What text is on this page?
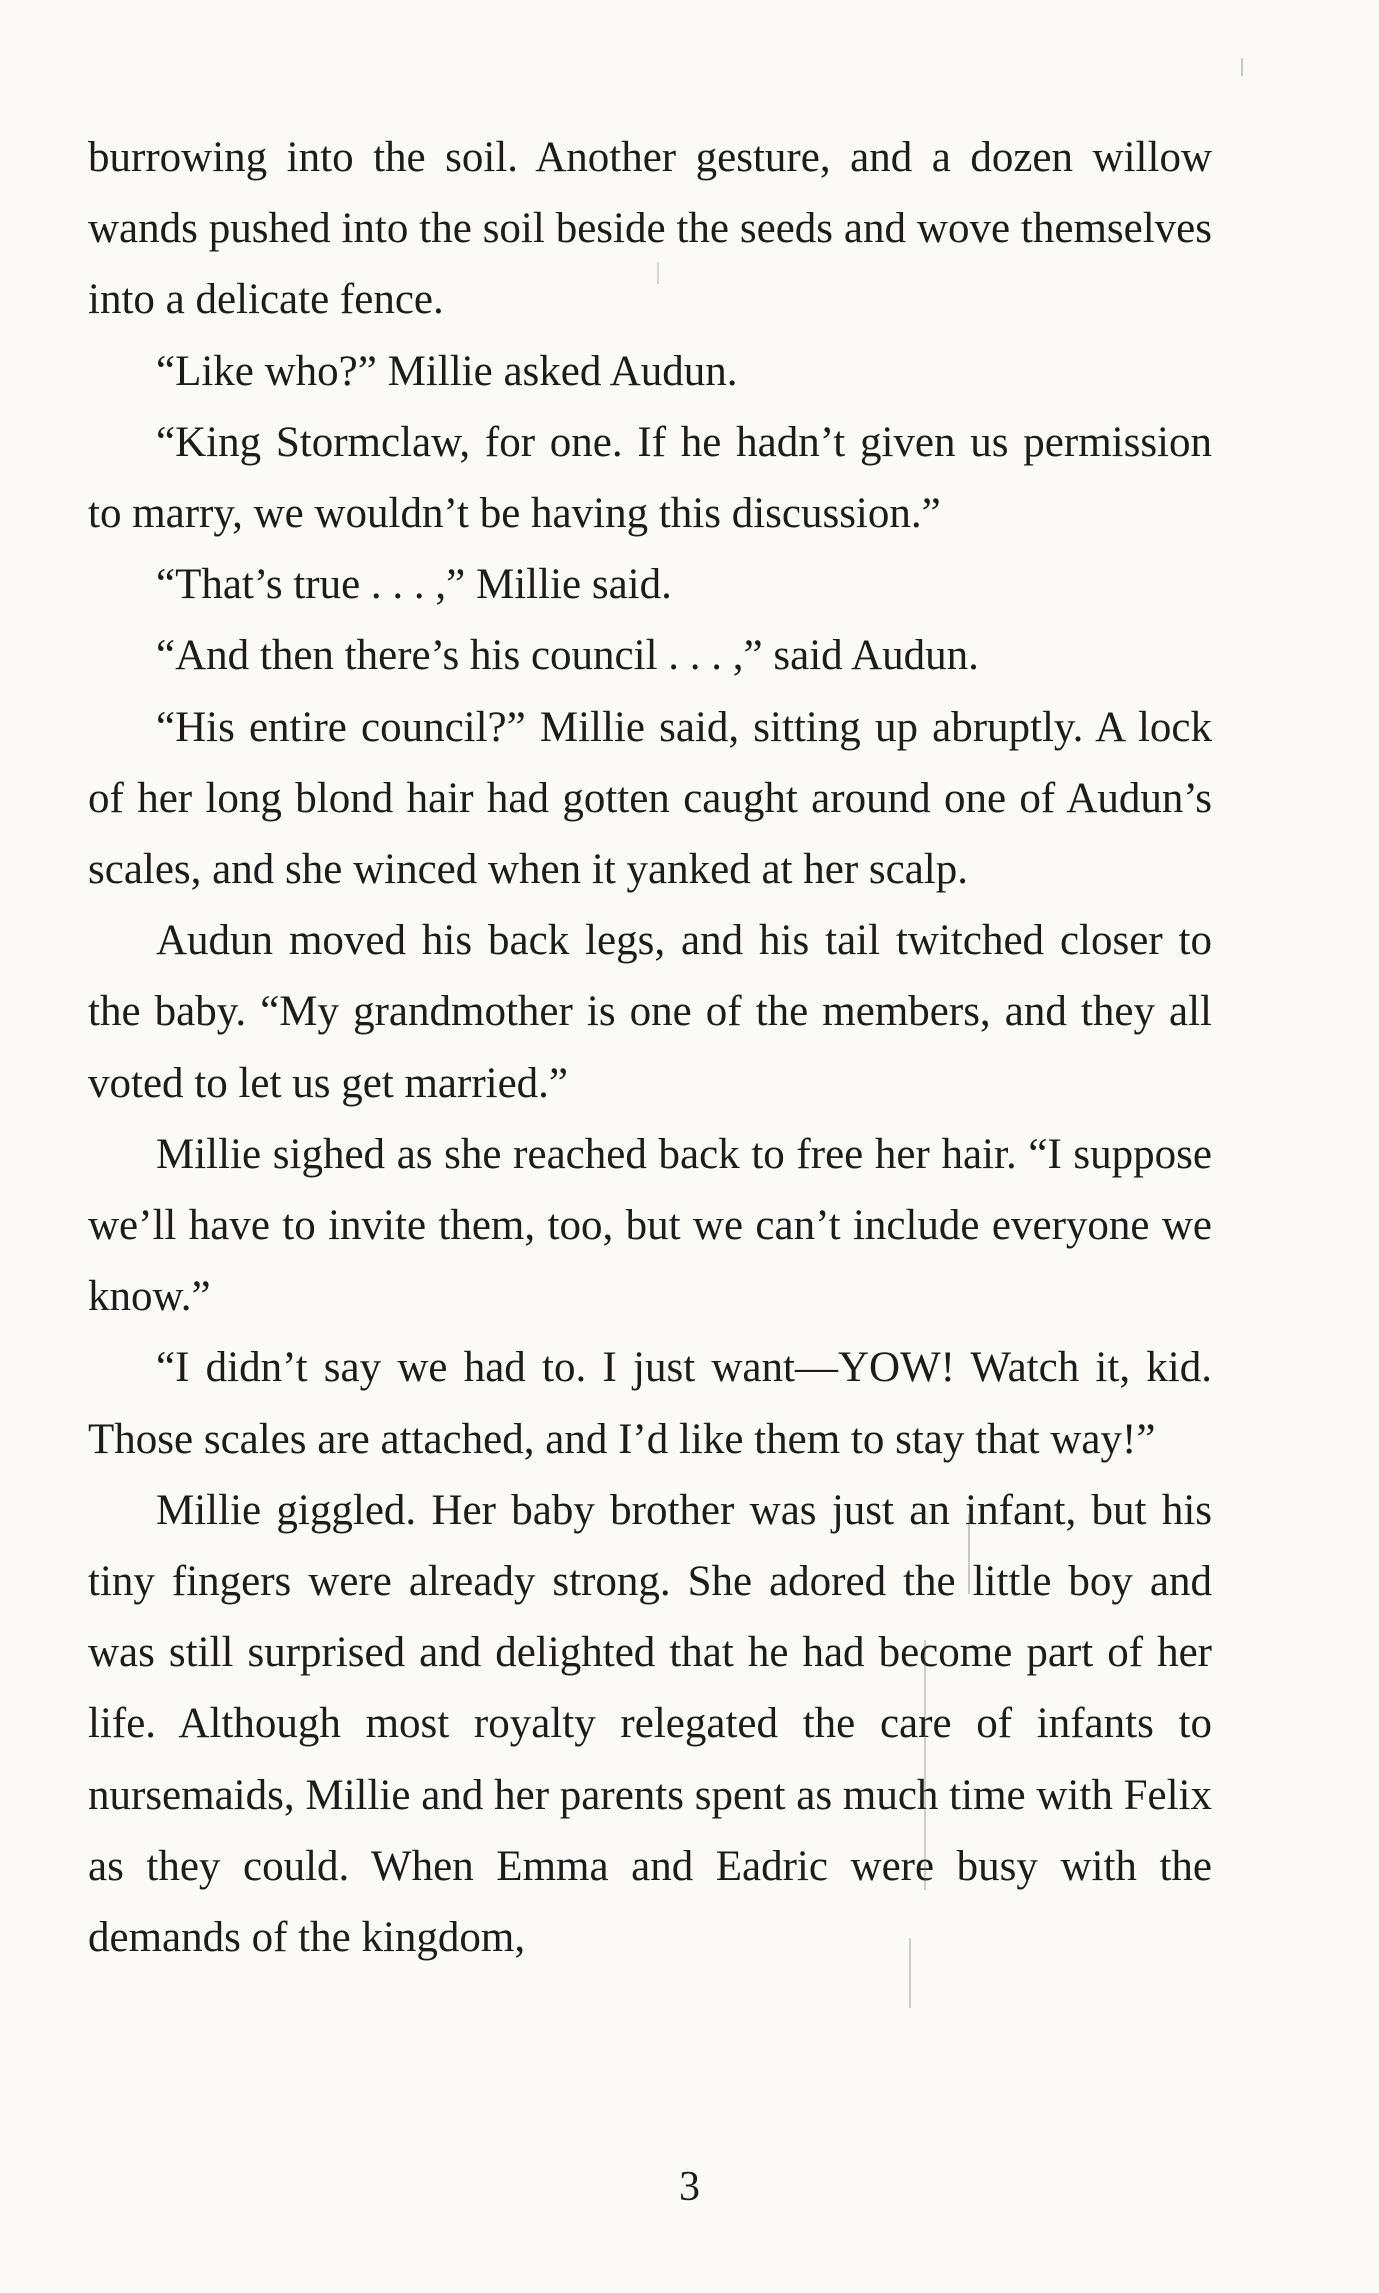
burrowing into the soil. Another gesture, and a dozen willow wands pushed into the soil beside the seeds and wove themselves into a delicate fence.

“Like who?” Millie asked Audun.

“King Stormclaw, for one. If he hadn’t given us permission to marry, we wouldn’t be having this discussion.”

“That’s true . . . ,” Millie said.

“And then there’s his council . . . ,” said Audun.

“His entire council?” Millie said, sitting up abruptly. A lock of her long blond hair had gotten caught around one of Audun’s scales, and she winced when it yanked at her scalp.

Audun moved his back legs, and his tail twitched closer to the baby. “My grandmother is one of the members, and they all voted to let us get married.”

Millie sighed as she reached back to free her hair. “I suppose we’ll have to invite them, too, but we can’t include everyone we know.”

“I didn’t say we had to. I just want—YOW! Watch it, kid. Those scales are attached, and I’d like them to stay that way!”

Millie giggled. Her baby brother was just an infant, but his tiny fingers were already strong. She adored the little boy and was still surprised and delighted that he had become part of her life. Although most royalty relegated the care of infants to nursemaids, Millie and her parents spent as much time with Felix as they could. When Emma and Eadric were busy with the demands of the kingdom,

3
